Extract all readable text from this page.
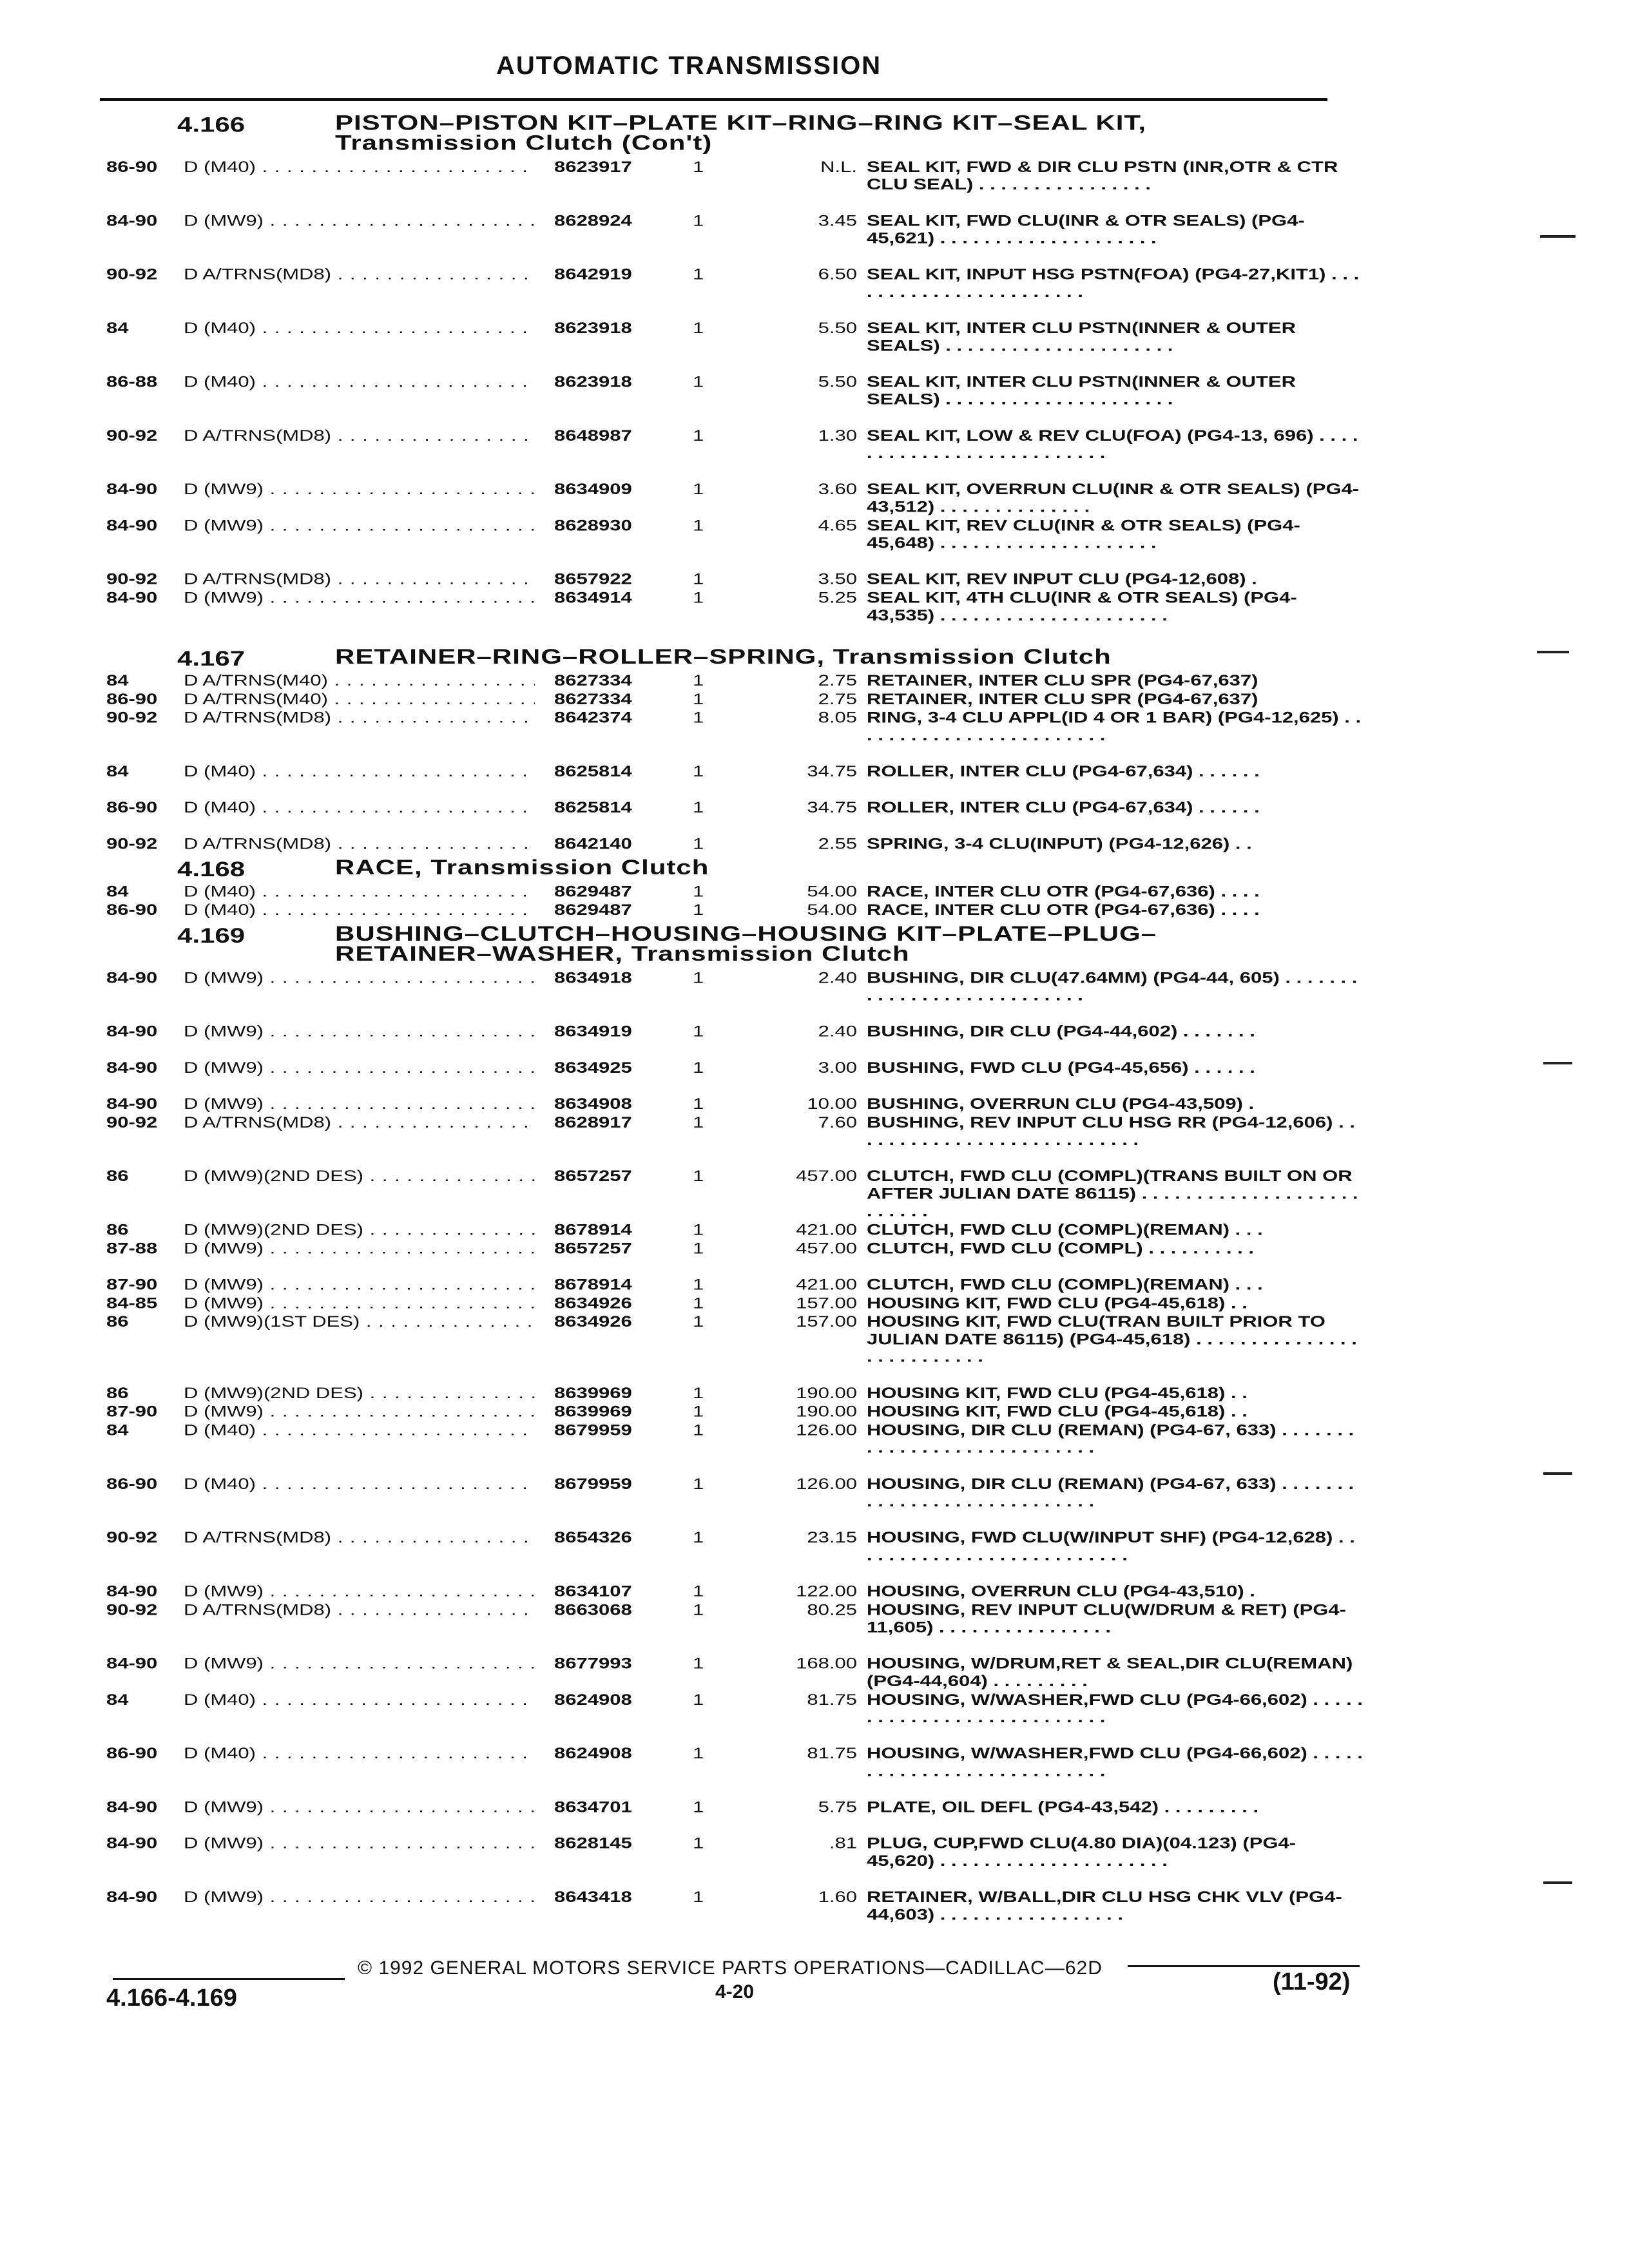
AUTOMATIC TRANSMISSION
4.166	PISTON–PISTON KIT–PLATE KIT–RING–RING KIT–SEAL KIT,
Transmission Clutch (Con't)
86-90 D (M40) . . .	8623917	1	N.L. SEAL KIT, FWD & DIR CLU PSTN (INR,OTR & CTR CLU SEAL) . . . . . . . . . . . . . . . .
84-90 D (MW9) . . .	8628924	1	3.45 SEAL KIT, FWD CLU(INR & OTR SEALS) (PG4-45,621) . . . . . . . . . . . . . . . . . . . .
90-92 D A/TRNS(MD8) . . .	8642919	1	6.50 SEAL KIT, INPUT HSG PSTN(FOA) (PG4-27,KIT1) . . . . . . . . . . . . . . . . . . . . . . .
84	D (M40) . . .	8623918	1	5.50 SEAL KIT, INTER CLU PSTN(INNER & OUTER SEALS) . . . . . . . . . . . . . . . . . . . . .
86-88 D (M40) . . .	8623918	1	5.50 SEAL KIT, INTER CLU PSTN(INNER & OUTER SEALS) . . . . . . . . . . . . . . . . . . . . .
90-92 D A/TRNS(MD8) . . .	8648987	1	1.30 SEAL KIT, LOW & REV CLU(FOA) (PG4-13, 696) . . . . . . . . . . . . . . . . . . . . . . . . . .
84-90 D (MW9) . . .	8634909	1	3.60 SEAL KIT, OVERRUN CLU(INR & OTR SEALS) (PG4-43,512) . . . . . . . . . . . . . .
84-90 D (MW9) . . .	8628930	1	4.65 SEAL KIT, REV CLU(INR & OTR SEALS) (PG4-45,648) . . . . . . . . . . . . . . . . . . . .
90-92 D A/TRNS(MD8) . . .	8657922	1	3.50 SEAL KIT, REV INPUT CLU (PG4-12,608) .
84-90 D (MW9) . . .	8634914	1	5.25 SEAL KIT, 4TH CLU(INR & OTR SEALS) (PG4-43,535) . . . . . . . . . . . . . . . . . . . . .
4.167	RETAINER–RING–ROLLER–SPRING, Transmission Clutch
84	D A/TRNS(M40) . . .	8627334	1	2.75 RETAINER, INTER CLU SPR (PG4-67,637)
86-90 D A/TRNS(M40) . . .	8627334	1	2.75 RETAINER, INTER CLU SPR (PG4-67,637)
90-92 D A/TRNS(MD8) . . .	8642374	1	8.05 RING, 3-4 CLU APPL(ID 4 OR 1 BAR) (PG4-12,625) . . . . . . . . . . . . . . . . . . . . . . . .
84	D (M40) . . .	8625814	1	34.75 ROLLER, INTER CLU (PG4-67,634) . . . . . .
86-90 D (M40) . . .	8625814	1	34.75 ROLLER, INTER CLU (PG4-67,634) . . . . . .
90-92 D A/TRNS(MD8) . . .	8642140	1	2.55 SPRING, 3-4 CLU(INPUT) (PG4-12,626) . .
4.168	RACE, Transmission Clutch
84	D (M40) . . .	8629487	1	54.00 RACE, INTER CLU OTR (PG4-67,636) . . . .
86-90 D (M40) . . .	8629487	1	54.00 RACE, INTER CLU OTR (PG4-67,636) . . . .
4.169	BUSHING–CLUTCH–HOUSING–HOUSING KIT–PLATE–PLUG–
RETAINER–WASHER, Transmission Clutch
84-90 D (MW9) . . .	8634918	1	2.40 BUSHING, DIR CLU(47.64MM) (PG4-44, 605) . . . . . . . . . . . . . . . . . . . . . . . . . . .
84-90 D (MW9) . . .	8634919	1	2.40 BUSHING, DIR CLU (PG4-44,602) . . . . . . .
84-90 D (MW9) . . .	8634925	1	3.00 BUSHING, FWD CLU (PG4-45,656) . . . . . .
84-90 D (MW9) . . .	8634908	1	10.00 BUSHING, OVERRUN CLU (PG4-43,509) .
90-92 D A/TRNS(MD8) . . .	8628917	1	7.60 BUSHING, REV INPUT CLU HSG RR (PG4-12,606) . . . . . . . . . . . . . . . . . . . . . . . . . . .
86	D (MW9)(2ND DES) . . .	8657257	1	457.00 CLUTCH, FWD CLU (COMPL)(TRANS BUILT ON OR AFTER JULIAN DATE 86115) . . . . . . . . . . . . . . . . . . . . . . . . . .
86	D (MW9)(2ND DES) . . .	8678914	1	421.00 CLUTCH, FWD CLU (COMPL)(REMAN) . . .
87-88 D (MW9) . . .	8657257	1	457.00 CLUTCH, FWD CLU (COMPL) . . . . . . . . . .
87-90 D (MW9) . . .	8678914	1	421.00 CLUTCH, FWD CLU (COMPL)(REMAN) . . .
84-85 D (MW9) . . .	8634926	1	157.00 HOUSING KIT, FWD CLU (PG4-45,618) . .
86	D (MW9)(1ST DES) . . .	8634926	1	157.00 HOUSING KIT, FWD CLU(TRAN BUILT PRIOR TO JULIAN DATE 86115) (PG4-45,618) . . . . . . . . . . . . . . . . . . . . . . . . . .
86	D (MW9)(2ND DES) . . .	8639969	1	190.00 HOUSING KIT, FWD CLU (PG4-45,618) . .
87-90 D (MW9) . . .	8639969	1	190.00 HOUSING KIT, FWD CLU (PG4-45,618) . .
84	D (M40) . . .	8679959	1	126.00 HOUSING, DIR CLU (REMAN) (PG4-67, 633) . . . . . . . . . . . . . . . . . . . . . . . . . . . .
86-90 D (M40) . . .	8679959	1	126.00 HOUSING, DIR CLU (REMAN) (PG4-67, 633) . . . . . . . . . . . . . . . . . . . . . . . . . . . .
90-92 D A/TRNS(MD8) . . .	8654326	1	23.15 HOUSING, FWD CLU(W/INPUT SHF) (PG4-12,628) . . . . . . . . . . . . . . . . . . . . . . . . . .
84-90 D (MW9) . . .	8634107	1	122.00 HOUSING, OVERRUN CLU (PG4-43,510) .
90-92 D A/TRNS(MD8) . . .	8663068	1	80.25 HOUSING, REV INPUT CLU(W/DRUM & RET) (PG4-11,605) . . . . . . . . . . . . . . . .
84-90 D (MW9) . . .	8677993	1	168.00 HOUSING, W/DRUM,RET & SEAL,DIR CLU(REMAN) (PG4-44,604) . . . . . . . . .
84	D (M40) . . .	8624908	1	81.75 HOUSING, W/WASHER,FWD CLU (PG4-66,602) . . . . . . . . . . . . . . . . . . . . . . . . . . .
86-90 D (M40) . . .	8624908	1	81.75 HOUSING, W/WASHER,FWD CLU (PG4-66,602) . . . . . . . . . . . . . . . . . . . . . . . . . . .
84-90 D (MW9) . . .	8634701	1	5.75 PLATE, OIL DEFL (PG4-43,542) . . . . . . . . .
84-90 D (MW9) . . .	8628145	1	.81 PLUG, CUP,FWD CLU(4.80 DIA)(04.123) (PG4-45,620) . . . . . . . . . . . . . . . . . . . . .
84-90 D (MW9) . . .	8643418	1	1.60 RETAINER, W/BALL,DIR CLU HSG CHK VLV (PG4-44,603) . . . . . . . . . . . . . . . . .
© 1992 GENERAL MOTORS SERVICE PARTS OPERATIONS—CADILLAC—62D
4.166-4.169	4-20	(11-92)
